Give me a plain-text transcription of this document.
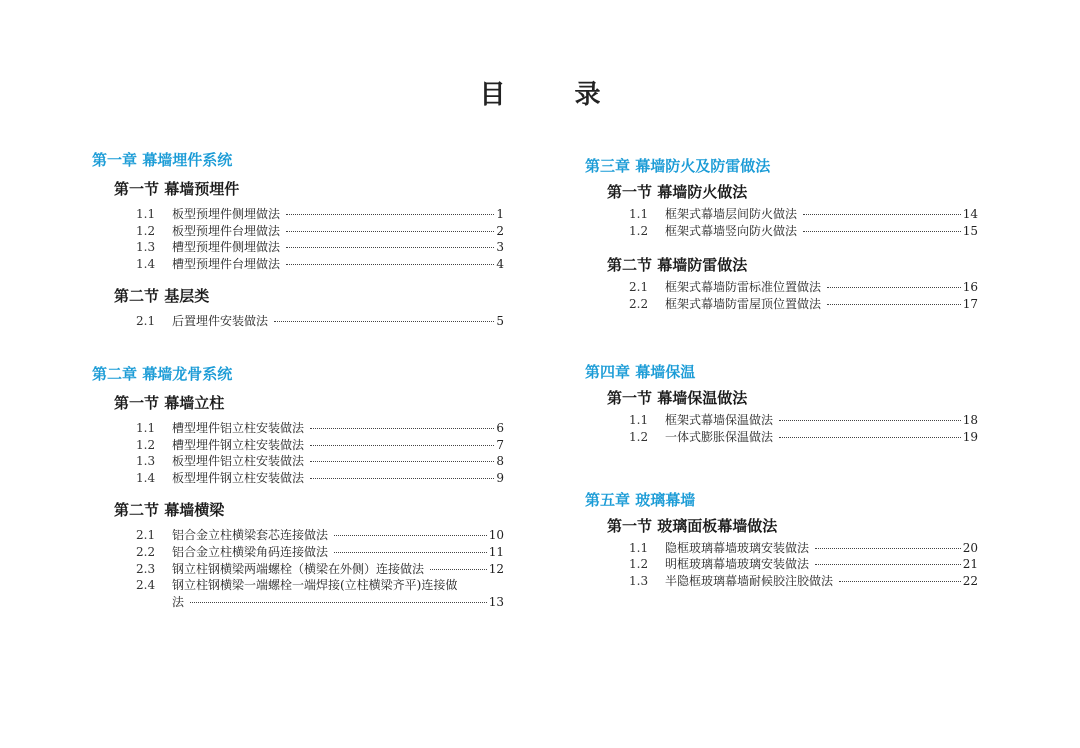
目 录
第一章 幕墙埋件系统
第一节 幕墙预埋件
1.1	板型预埋件侧埋做法	1
1.2	板型预埋件台埋做法	2
1.3	槽型预埋件侧埋做法	3
1.4	槽型预埋件台埋做法	4
第二节 基层类
2.1	后置埋件安装做法	5
第二章 幕墙龙骨系统
第一节 幕墙立柱
1.1	槽型埋件铝立柱安装做法	6
1.2	槽型埋件钢立柱安装做法	7
1.3	板型埋件铝立柱安装做法	8
1.4	板型埋件钢立柱安装做法	9
第二节 幕墙横梁
2.1	铝合金立柱横梁套芯连接做法	10
2.2	铝合金立柱横梁角码连接做法	11
2.3	钢立柱钢横梁两端螺栓（横梁在外侧）连接做法	12
2.4	钢立柱钢横梁一端螺栓一端焊接(立柱横梁齐平)连接做
法	13
第三章 幕墙防火及防雷做法
第一节 幕墙防火做法
1.1	框架式幕墙层间防火做法	14
1.2	框架式幕墙竖向防火做法	15
第二节 幕墙防雷做法
2.1	框架式幕墙防雷标准位置做法	16
2.2	框架式幕墙防雷屋顶位置做法	17
第四章 幕墙保温
第一节 幕墙保温做法
1.1	框架式幕墙保温做法	18
1.2	一体式膨胀保温做法	19
第五章 玻璃幕墙
第一节 玻璃面板幕墙做法
1.1	隐框玻璃幕墙玻璃安装做法	20
1.2	明框玻璃幕墙玻璃安装做法	21
1.3	半隐框玻璃幕墙耐候胶注胶做法	22
